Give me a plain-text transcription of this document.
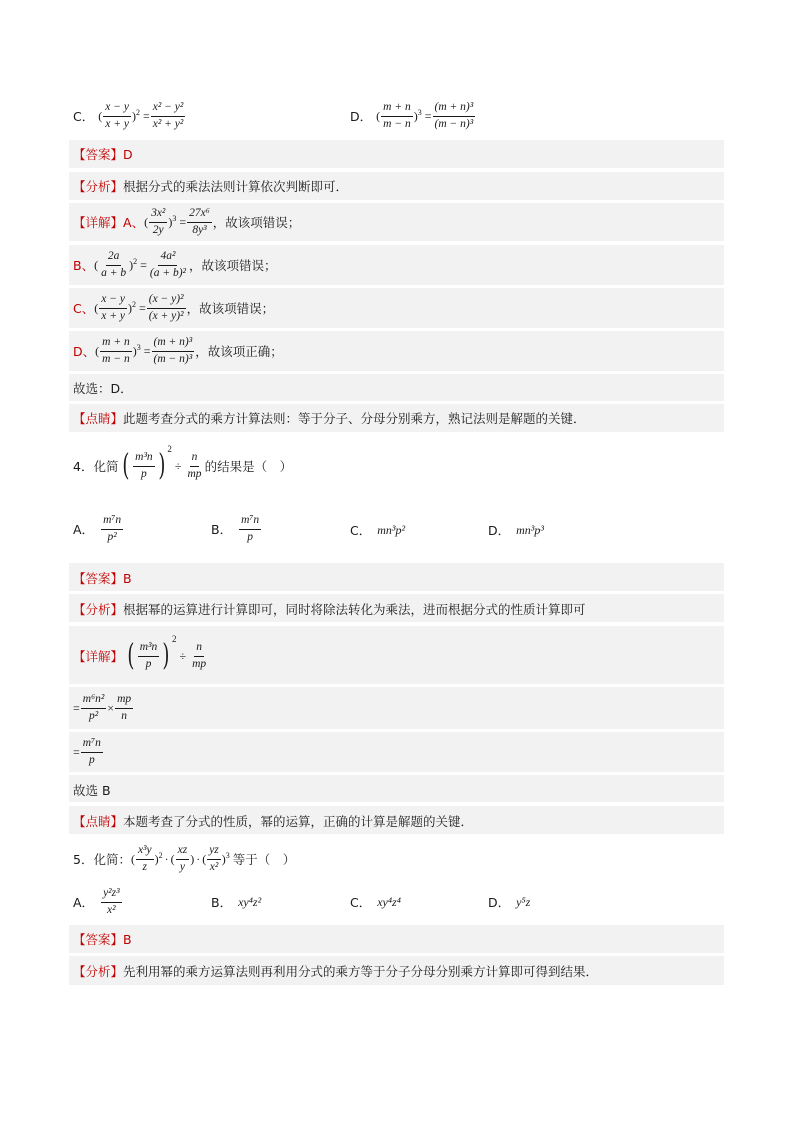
C． ( $\frac{x - y}{x + y} )^2 = \frac{\text{x² − y²}}{\text{x² + y²}}$	D． ( $\frac{m + n}{m - n} )^3 = \frac{\text{(m + n)³}}{\text{(m − n)³}}$
【答案】 D
【分析】 根据分式的乘法法则计算依次判断即可．
【详解】 A、 ( $\frac{\text{3x²}}{2y} )^3 = \frac{\text{27x⁶}}{\text{8y³}}$ ，故该项错误；
B、 ( $\frac{2a}{a + b} )^2 = \frac{\text{4a²}}{\text{(a + b)²}}$ ，故该项错误；
C、 ( $\frac{x - y}{x + y} )^2 = \frac{\text{(x − y)²}}{\text{(x + y)²}}$ ，故该项错误；
D、 ( $\frac{m + n}{m - n} )^3 = \frac{\text{(m + n)³}}{\text{(m − n)³}}$ ，故该项正确；
故选：D．
【点睛】 此题考查分式的乘方计算法则：等于分子、分母分别乘方，熟记法则是解题的关键．
4．化简 ( $\frac{\text{m³n}}{p}$ ) 2
÷ $\frac{n}{mp}$ 的结果是（　）
A． $\frac{\text{m⁷n}}{\text{p²}}$	B． $\frac{\text{m⁷n}}{p}$	C． mn³p²	D． mn³p³
【答案】 B
【分析】 根据幂的运算进行计算即可，同时将除法转化为乘法，进而根据分式的性质计算即可
【详解】 ( $\frac{\text{m³n}}{p}$ ) 2
÷ $\frac{n}{mp}$
= $\frac{\text{m⁶n²}}{\text{p²}} \times \frac{mp}{n}$
= $\frac{\text{m⁷n}}{p}$
故选 B
【点睛】 本题考查了分式的性质，幂的运算，正确的计算是解题的关键．
5．化简： ( $\frac{\text{x³y}}{z} )^2$ · ( $\frac{xz}{y}$ ) · ( $\frac{yz}{\text{x²}} )^3$ 等于（　）
A． $\frac{\text{y²z³}}{\text{x²}}$	B． xy⁴z²	C． xy⁴z⁴	D． y⁵z
【答案】 B
【分析】 先利用幂的乘方运算法则再利用分式的乘方等于分子分母分别乘方计算即可得到结果．
